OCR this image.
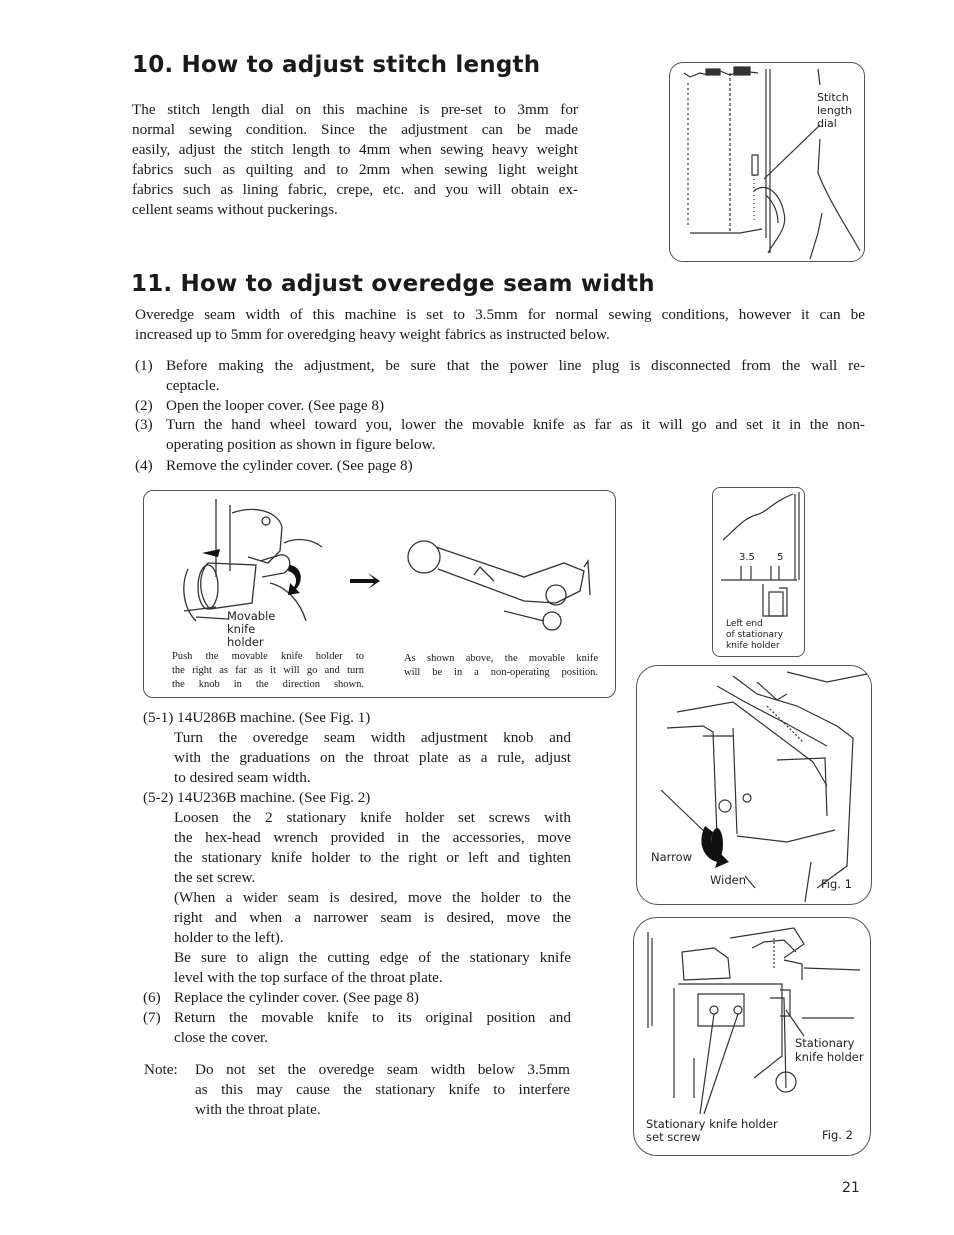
10. How to adjust stitch length
The stitch length dial on this machine is pre-set to 3mm for
normal sewing condition. Since the adjustment can be made
easily, adjust the stitch length to 4mm when sewing heavy weight
fabrics such as quilting and to 2mm when sewing light weight
fabrics such as lining fabric, crepe, etc. and you will obtain ex-
cellent seams without puckerings.
Stitch
length
dial
11. How to adjust overedge seam width
Overedge seam width of this machine is set to 3.5mm for normal sewing conditions, however it can be
increased up to 5mm for overedging heavy weight fabrics as instructed below.
(1) Before making the adjustment, be sure that the power line plug is disconnected from the wall re-
ceptacle.
(2) Open the looper cover. (See page 8)
(3) Turn the hand wheel toward you, lower the movable knife as far as it will go and set it in the non-
operating position as shown in figure below.
(4) Remove the cylinder cover. (See page 8)
Movable
knife
holder
Push the movable knife holder to
the right as far as it will go and turn
the knob in the direction shown.
As shown above, the movable knife
will be in a non-operating position.
3.5 5
Left end
of stationary
knife holder
Narrow
Widen	Fig. 1
Stationary
knife holder
Stationary knife holder
set screw	Fig. 2
(5-1) 14U286B machine. (See Fig. 1)
Turn the overedge seam width adjustment knob and
with the graduations on the throat plate as a rule, adjust
to desired seam width.
(5-2) 14U236B machine. (See Fig. 2)
Loosen the 2 stationary knife holder set screws with
the hex-head wrench provided in the accessories, move
the stationary knife holder to the right or left and tighten
the set screw.
(When a wider seam is desired, move the holder to the
right and when a narrower seam is desired, move the
holder to the left).
Be sure to align the cutting edge of the stationary knife
level with the top surface of the throat plate.
(6) Replace the cylinder cover. (See page 8)
(7) Return the movable knife to its original position and
close the cover.
Note: Do not set the overedge seam width below 3.5mm
as this may cause the stationary knife to interfere
with the throat plate.
21
